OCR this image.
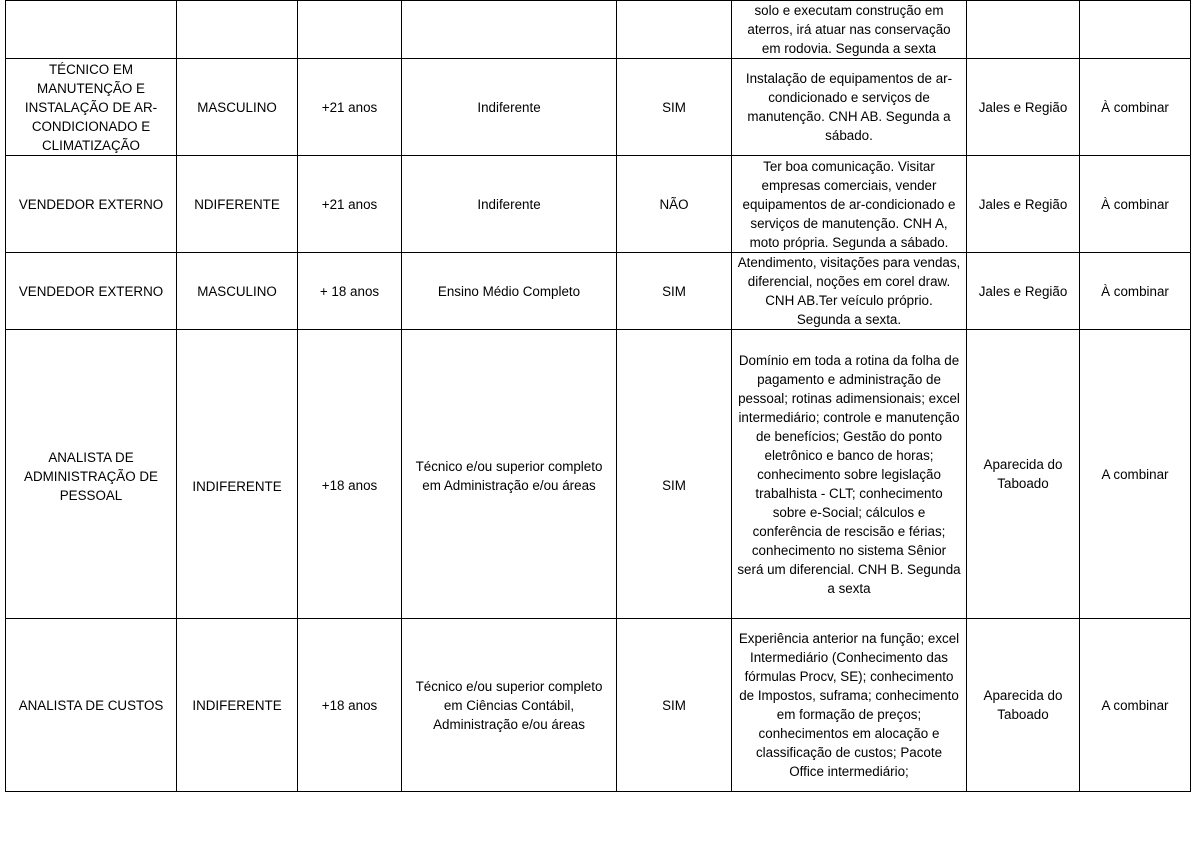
					solo e executam construção em aterros, irá atuar nas conservação em rodovia. Segunda a sexta		
TÉCNICO EM MANUTENÇÃO E INSTALAÇÃO DE AR-CONDICIONADO E CLIMATIZAÇÃO	MASCULINO	+21 anos	Indiferente	SIM	Instalação de equipamentos de ar-condicionado e serviços de manutenção. CNH AB. Segunda a sábado.	Jales e Região	À combinar
VENDEDOR EXTERNO	NDIFERENTE	+21 anos	Indiferente	NÃO	Ter boa comunicação. Visitar empresas comerciais, vender equipamentos de ar-condicionado e serviços de manutenção. CNH A, moto própria. Segunda a sábado.	Jales e Região	À combinar
VENDEDOR EXTERNO	MASCULINO	+ 18 anos	Ensino Médio Completo	SIM	Atendimento, visitações para vendas, diferencial, noções em corel draw. CNH AB.Ter veículo próprio. Segunda a sexta.	Jales e Região	À combinar
ANALISTA DE ADMINISTRAÇÃO DE PESSOAL	INDIFERENTE	+18 anos	Técnico e/ou superior completo em Administração e/ou áreas	SIM	Domínio em toda a rotina da folha de pagamento e administração de pessoal; rotinas adimensionais; excel intermediário; controle e manutenção de benefícios; Gestão do ponto eletrônico e banco de horas; conhecimento sobre legislação trabalhista - CLT; conhecimento sobre e-Social; cálculos e conferência de rescisão e férias; conhecimento no sistema Sênior será um diferencial. CNH B. Segunda a sexta	Aparecida do Taboado	A combinar
ANALISTA DE CUSTOS	INDIFERENTE	+18 anos	Técnico e/ou superior completo em Ciências Contábil, Administração e/ou áreas	SIM	Experiência anterior na função; excel Intermediário (Conhecimento das fórmulas Procv, SE); conhecimento de Impostos, suframa; conhecimento em formação de preços; conhecimentos em alocação e classificação de custos; Pacote Office intermediário;	Aparecida do Taboado	A combinar
